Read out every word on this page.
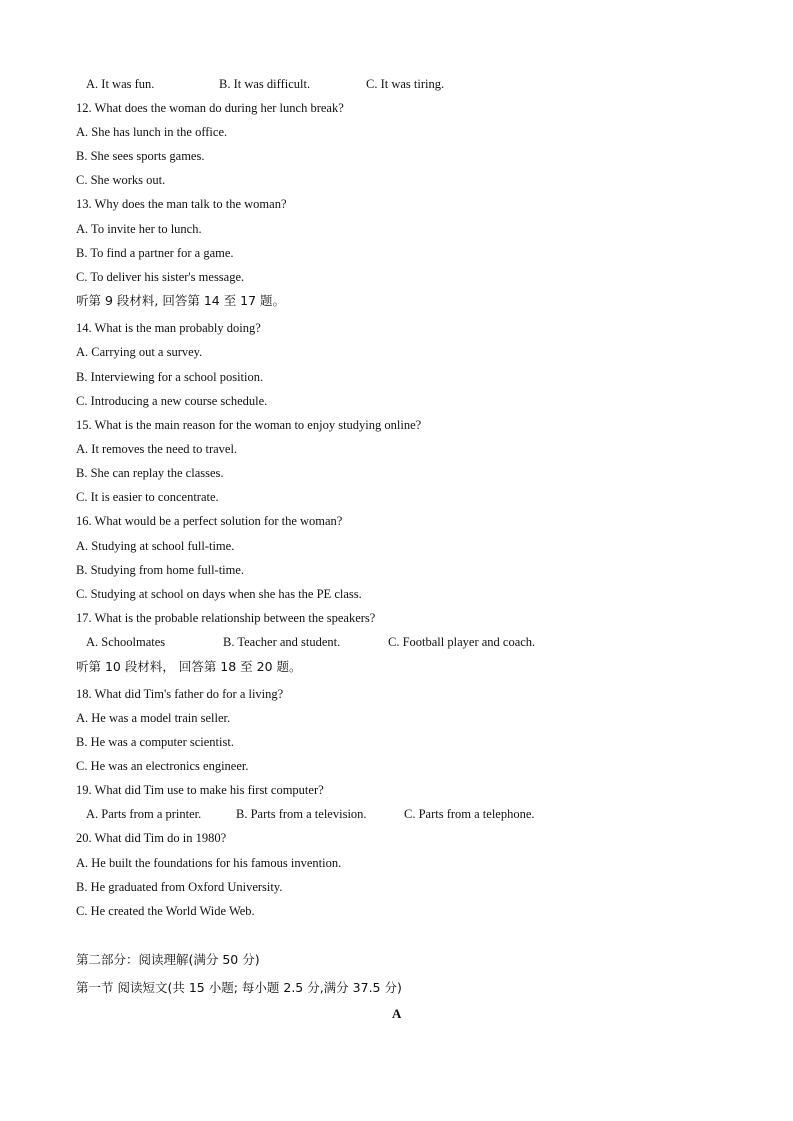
A. It was fun.	B. It was difficult.	C. It was tiring.
12. What does the woman do during her lunch break?
A. She has lunch in the office.
B. She sees sports games.
C. She works out.
13. Why does the man talk to the woman?
A. To invite her to lunch.
B. To find a partner for a game.
C. To deliver his sister's message.
听第 9 段材料, 回答第 14 至 17 题。
14. What is the man probably doing?
A. Carrying out a survey.
B. Interviewing for a school position.
C. Introducing a new course schedule.
15. What is the main reason for the woman to enjoy studying online?
A. It removes the need to travel.
B. She can replay the classes.
C. It is easier to concentrate.
16. What would be a perfect solution for the woman?
A. Studying at school full-time.
B. Studying from home full-time.
C. Studying at school on days when she has the PE class.
17. What is the probable relationship between the speakers?
A. Schoolmates	B. Teacher and student.	C. Football player and coach.
听第 10 段材料， 回答第 18 至 20 题。
18. What did Tim's father do for a living?
A. He was a model train seller.
B. He was a computer scientist.
C. He was an electronics engineer.
19. What did Tim use to make his first computer?
A. Parts from a printer.	B. Parts from a television.	C. Parts from a telephone.
20. What did Tim do in 1980?
A. He built the foundations for his famous invention.
B. He graduated from Oxford University.
C. He created the World Wide Web.
第二部分：阅读理解(满分 50 分)
第一节 阅读短文(共 15 小题; 每小题 2.5 分,满分 37.5 分)
A
